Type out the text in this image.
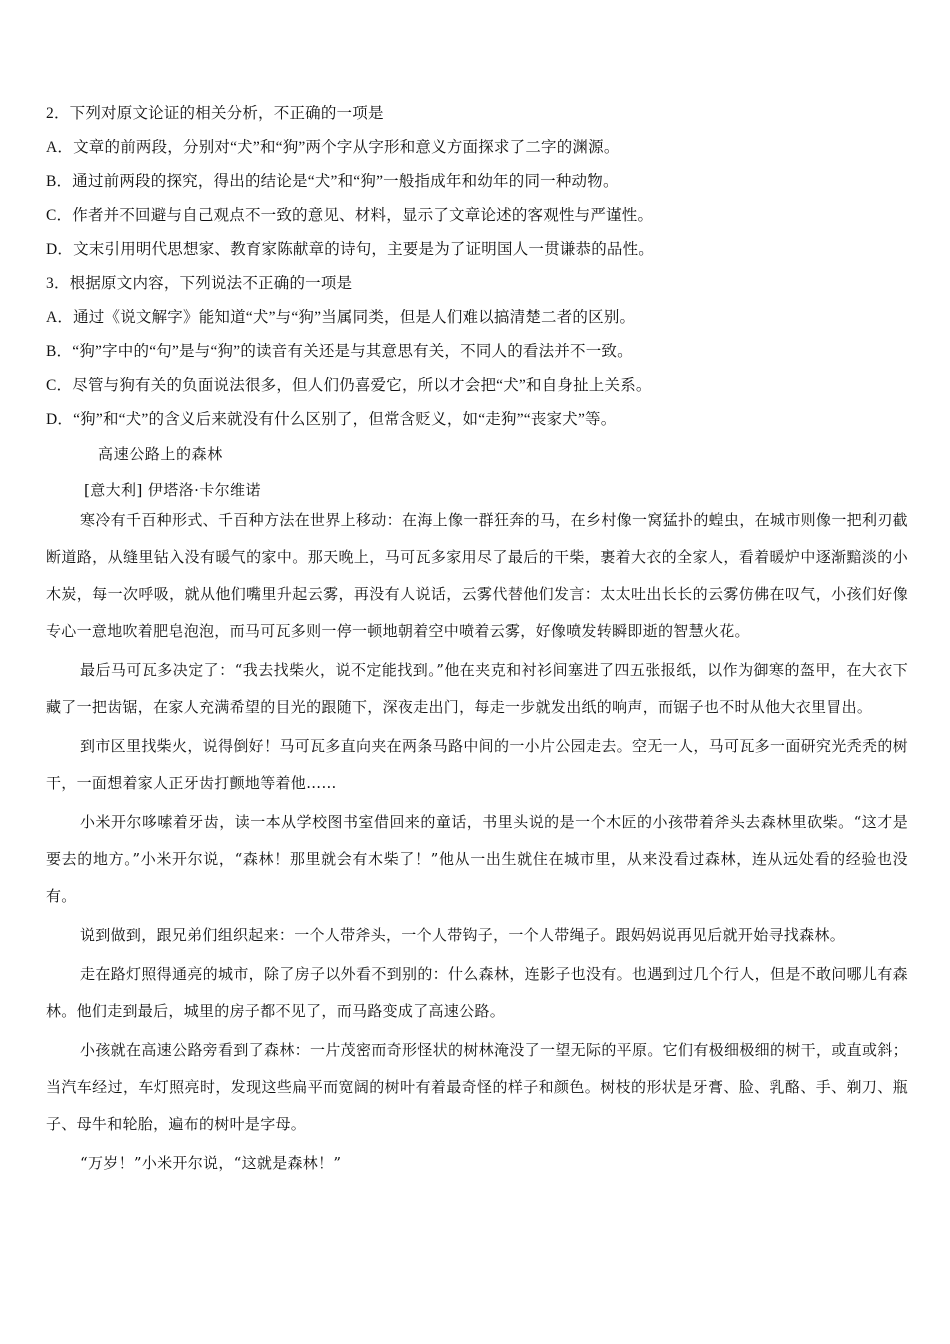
2．下列对原文论证的相关分析，不正确的一项是
A．文章的前两段，分别对“犬”和“狗”两个字从字形和意义方面探求了二字的渊源。
B．通过前两段的探究，得出的结论是“犬”和“狗”一般指成年和幼年的同一种动物。
C．作者并不回避与自己观点不一致的意见、材料，显示了文章论述的客观性与严谨性。
D．文末引用明代思想家、教育家陈献章的诗句，主要是为了证明国人一贯谦恭的品性。
3．根据原文内容，下列说法不正确的一项是
A．通过《说文解字》能知道“犬”与“狗”当属同类，但是人们难以搞清楚二者的区别。
B．“狗”字中的“句”是与“狗”的读音有关还是与其意思有关，不同人的看法并不一致。
C．尽管与狗有关的负面说法很多，但人们仍喜爱它，所以才会把“犬”和自身扯上关系。
D．“狗”和“犬”的含义后来就没有什么区别了，但常含贬义，如“走狗”“丧家犬”等。
高速公路上的森林
[意大利] 伊塔洛·卡尔维诺

寒冷有千百种形式、千百种方法在世界上移动：在海上像一群狂奔的马，在乡村像一窝猛扑的蝗虫，在城市则像一把利刃截断道路，从缝里钻入没有暖气的家中。那天晚上，马可瓦多家用尽了最后的干柴，裹着大衣的全家人，看着暖炉中逐渐黯淡的小木炭，每一次呼吸，就从他们嘴里升起云雾，再没有人说话，云雾代替他们发言：太太吐出长长的云雾仿佛在叹气，小孩们好像专心一意地吹着肥皂泡泡，而马可瓦多则一停一顿地朝着空中喷着云雾，好像喷发转瞬即逝的智慧火花。

最后马可瓦多决定了：“我去找柴火，说不定能找到。”他在夹克和衬衫间塞进了四五张报纸，以作为御寒的盔甲，在大衣下藏了一把齿锯，在家人充满希望的目光的跟随下，深夜走出门，每走一步就发出纸的响声，而锯子也不时从他大衣里冒出。

到市区里找柴火，说得倒好！马可瓦多直向夹在两条马路中间的一小片公园走去。空无一人，马可瓦多一面研究光秃秃的树干，一面想着家人正牙齿打颤地等着他……

小米开尔哆嗦着牙齿，读一本从学校图书室借回来的童话，书里头说的是一个木匠的小孩带着斧头去森林里砍柴。“这才是要去的地方。”小米开尔说，“森林！那里就会有木柴了！”他从一出生就住在城市里，从来没看过森林，连从远处看的经验也没有。

说到做到，跟兄弟们组织起来：一个人带斧头，一个人带钩子，一个人带绳子。跟妈妈说再见后就开始寻找森林。

走在路灯照得通亮的城市，除了房子以外看不到别的：什么森林，连影子也没有。也遇到过几个行人，但是不敢问哪儿有森林。他们走到最后，城里的房子都不见了，而马路变成了高速公路。

小孩就在高速公路旁看到了森林：一片茂密而奇形怪状的树林淹没了一望无际的平原。它们有极细极细的树干，或直或斜；当汽车经过，车灯照亮时，发现这些扁平而宽阔的树叶有着最奇怪的样子和颜色。树枝的形状是牙膏、脸、乳酪、手、剃刀、瓶子、母牛和轮胎，遍布的树叶是字母。

“万岁！”小米开尔说，“这就是森林！”
